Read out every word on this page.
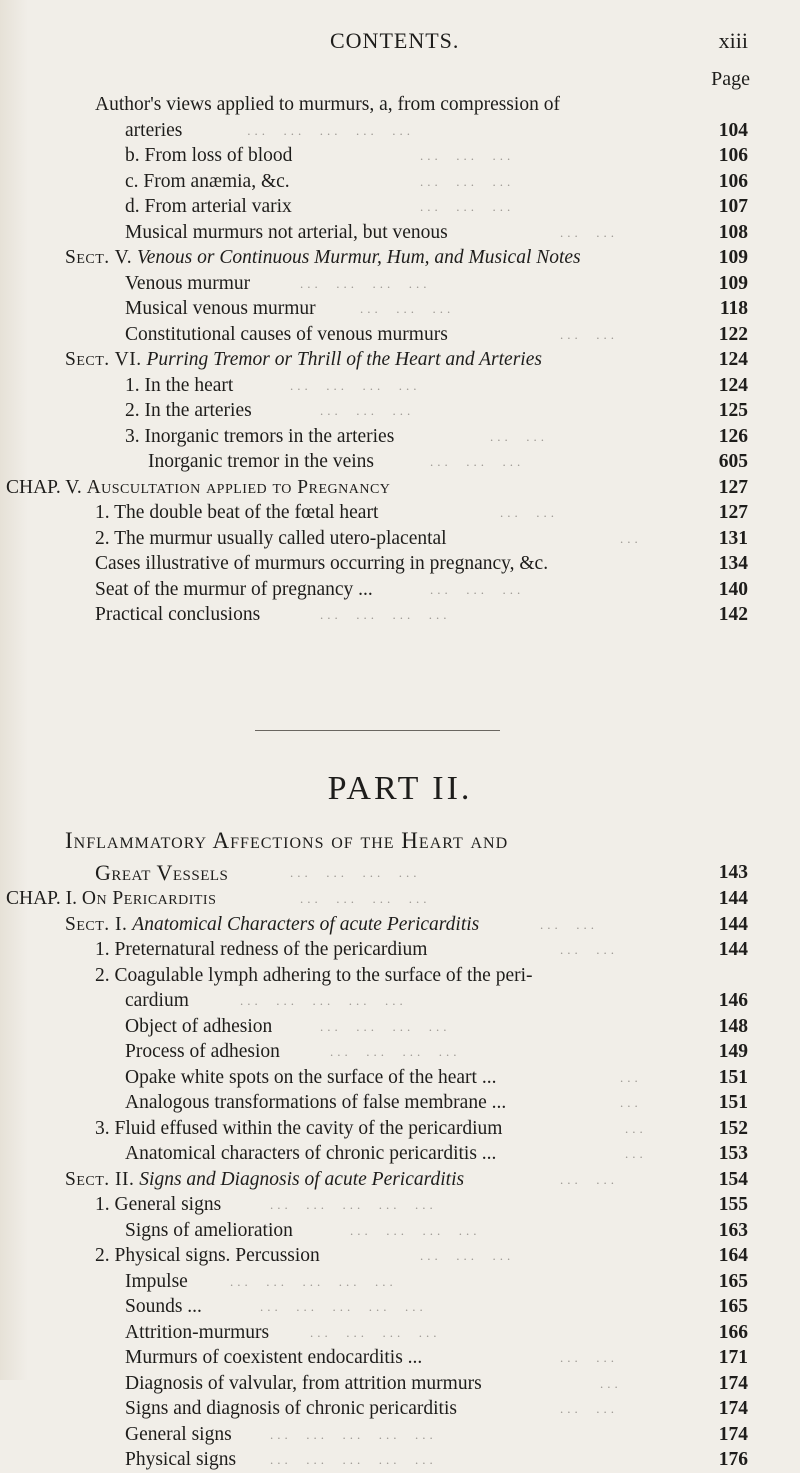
CONTENTS.	xiii
Page
Author's views applied to murmurs, a, from compression of
arteries	...  ...  ...  ...  ...	104
b. From loss of blood	...  ...  ...	106
c. From anæmia, &c.	...  ...  ...	106
d. From arterial varix	...  ...  ...	107
Musical murmurs not arterial, but venous	...  ...	108
Sect. V. Venous or Continuous Murmur, Hum, and Musical Notes	109
Venous murmur	...  ...  ...  ...	109
Musical venous murmur	...  ...  ...	118
Constitutional causes of venous murmurs	...  ...	122
Sect. VI. Purring Tremor or Thrill of the Heart and Arteries	124
1. In the heart	...  ...  ...  ...	124
2. In the arteries	...  ...  ...	125
3. Inorganic tremors in the arteries	...  ...	126
Inorganic tremor in the veins	...  ...  ...	605
CHAP. V. Auscultation applied to Pregnancy	127
1. The double beat of the fœtal heart	...  ...	127
2. The murmur usually called utero-placental	...	131
Cases illustrative of murmurs occurring in pregnancy, &c.	134
Seat of the murmur of pregnancy ...	...  ...  ...	140
Practical conclusions	...  ...  ...  ...	142
PART II.
Inflammatory Affections of the Heart and
Great Vessels	...  ...  ...  ...	143
CHAP. I. On Pericarditis	...  ...  ...  ...	144
Sect. I. Anatomical Characters of acute Pericarditis	...  ...	144
1. Preternatural redness of the pericardium	...  ...	144
2. Coagulable lymph adhering to the surface of the peri-
cardium	...  ...  ...  ...  ...	146
Object of adhesion	...  ...  ...  ...	148
Process of adhesion	...  ...  ...  ...	149
Opake white spots on the surface of the heart ...	...	151
Analogous transformations of false membrane ...	...	151
3. Fluid effused within the cavity of the pericardium	...	152
Anatomical characters of chronic pericarditis ...	...	153
Sect. II. Signs and Diagnosis of acute Pericarditis	...  ...	154
1. General signs	...  ...  ...  ...  ...	155
Signs of amelioration	...  ...  ...  ...	163
2. Physical signs. Percussion	...  ...  ...	164
Impulse	...  ...  ...  ...  ...	165
Sounds ...	...  ...  ...  ...  ...	165
Attrition-murmurs	...  ...  ...  ...	166
Murmurs of coexistent endocarditis ...	...  ...	171
Diagnosis of valvular, from attrition murmurs	...	174
Signs and diagnosis of chronic pericarditis	...  ...	174
General signs	...  ...  ...  ...  ...	174
Physical signs	...  ...  ...  ...  ...	176
